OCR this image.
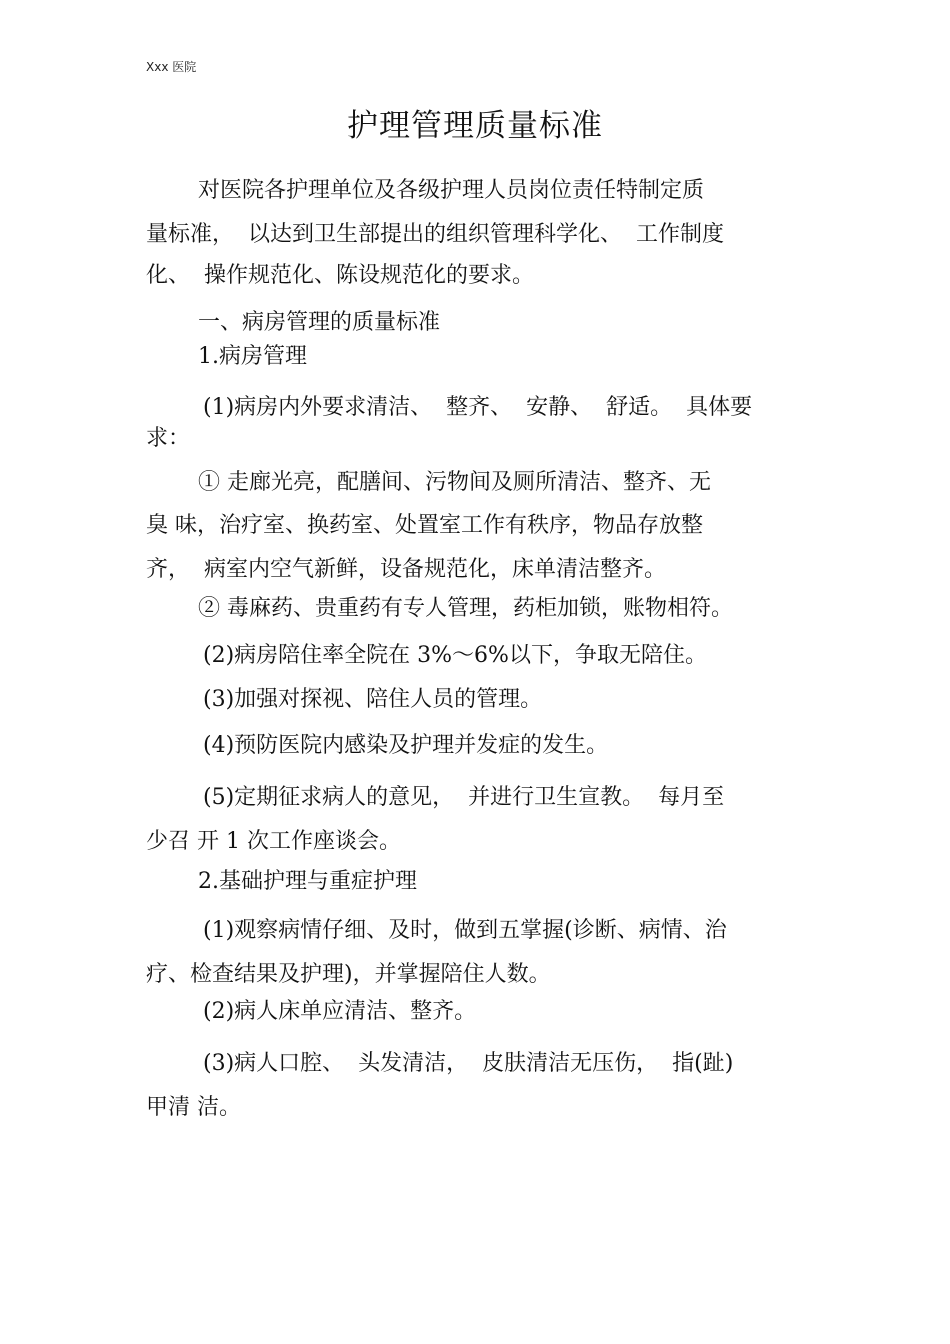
Xxx 医院
护理管理质量标准
对医院各护理单位及各级护理人员岗位责任特制定质
量标准，  以达到卫生部提出的组织管理科学化、  工作制度
化、  操作规范化、陈设规范化的要求。
一、病房管理的质量标准
1.病房管理
(1)病房内外要求清洁、  整齐、  安静、  舒适。  具体要
求：
① 走廊光亮，配膳间、污物间及厕所清洁、整齐、无
臭 味，治疗室、换药室、处置室工作有秩序，物品存放整
齐，  病室内空气新鲜，设备规范化，床单清洁整齐。
② 毒麻药、贵重药有专人管理，药柜加锁，账物相符。
(2)病房陪住率全院在 3%～6%以下，争取无陪住。
(3)加强对探视、陪住人员的管理。
(4)预防医院内感染及护理并发症的发生。
(5)定期征求病人的意见，  并进行卫生宣教。  每月至
少召 开 1 次工作座谈会。
2.基础护理与重症护理
(1)观察病情仔细、及时，做到五掌握(诊断、病情、治
疗、检查结果及护理)，并掌握陪住人数。
(2)病人床单应清洁、整齐。
(3)病人口腔、  头发清洁，  皮肤清洁无压伤，  指(趾)
甲清 洁。
